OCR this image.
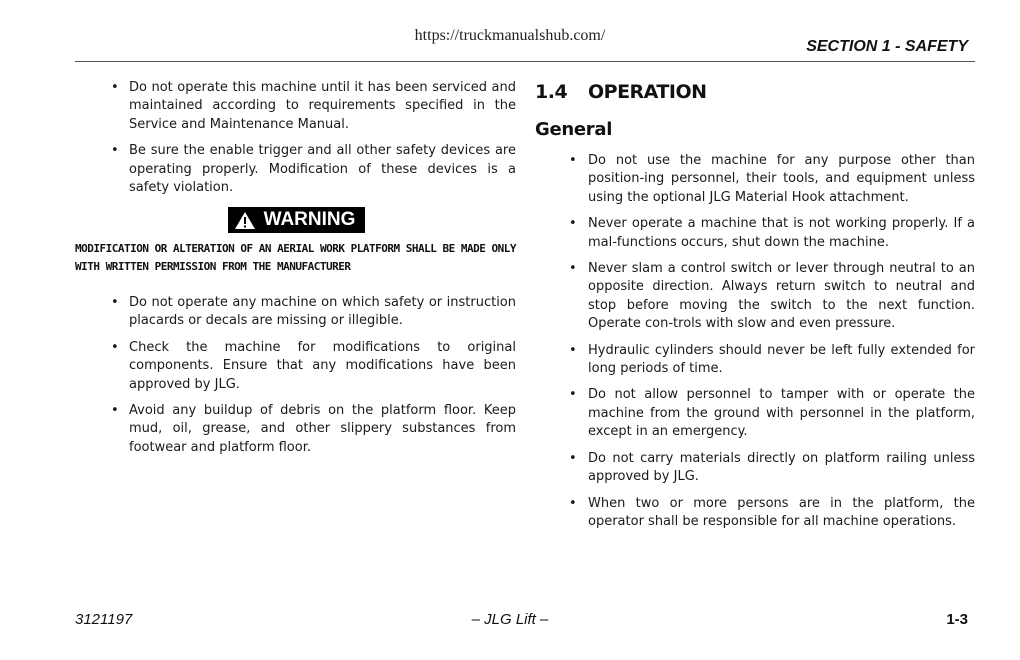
https://truckmanualshub.com/
SECTION 1 - SAFETY
• Do not operate this machine until it has been serviced and maintained according to requirements specified in the Service and Maintenance Manual.
• Be sure the enable trigger and all other safety devices are operating properly. Modification of these devices is a safety violation.
WARNING
MODIFICATION OR ALTERATION OF AN AERIAL WORK PLATFORM SHALL BE MADE ONLY WITH WRITTEN PERMISSION FROM THE MANUFACTURER
• Do not operate any machine on which safety or instruction placards or decals are missing or illegible.
• Check the machine for modifications to original components. Ensure that any modifications have been approved by JLG.
• Avoid any buildup of debris on the platform floor. Keep mud, oil, grease, and other slippery substances from footwear and platform floor.
1.4	OPERATION
General
• Do not use the machine for any purpose other than position-ing personnel, their tools, and equipment unless using the optional JLG Material Hook attachment.
• Never operate a machine that is not working properly. If a mal-functions occurs, shut down the machine.
• Never slam a control switch or lever through neutral to an opposite direction. Always return switch to neutral and stop before moving the switch to the next function. Operate con-trols with slow and even pressure.
• Hydraulic cylinders should never be left fully extended for long periods of time.
• Do not allow personnel to tamper with or operate the machine from the ground with personnel in the platform, except in an emergency.
• Do not carry materials directly on platform railing unless approved by JLG.
• When two or more persons are in the platform, the operator shall be responsible for all machine operations.
3121197	– JLG Lift –	1-3
